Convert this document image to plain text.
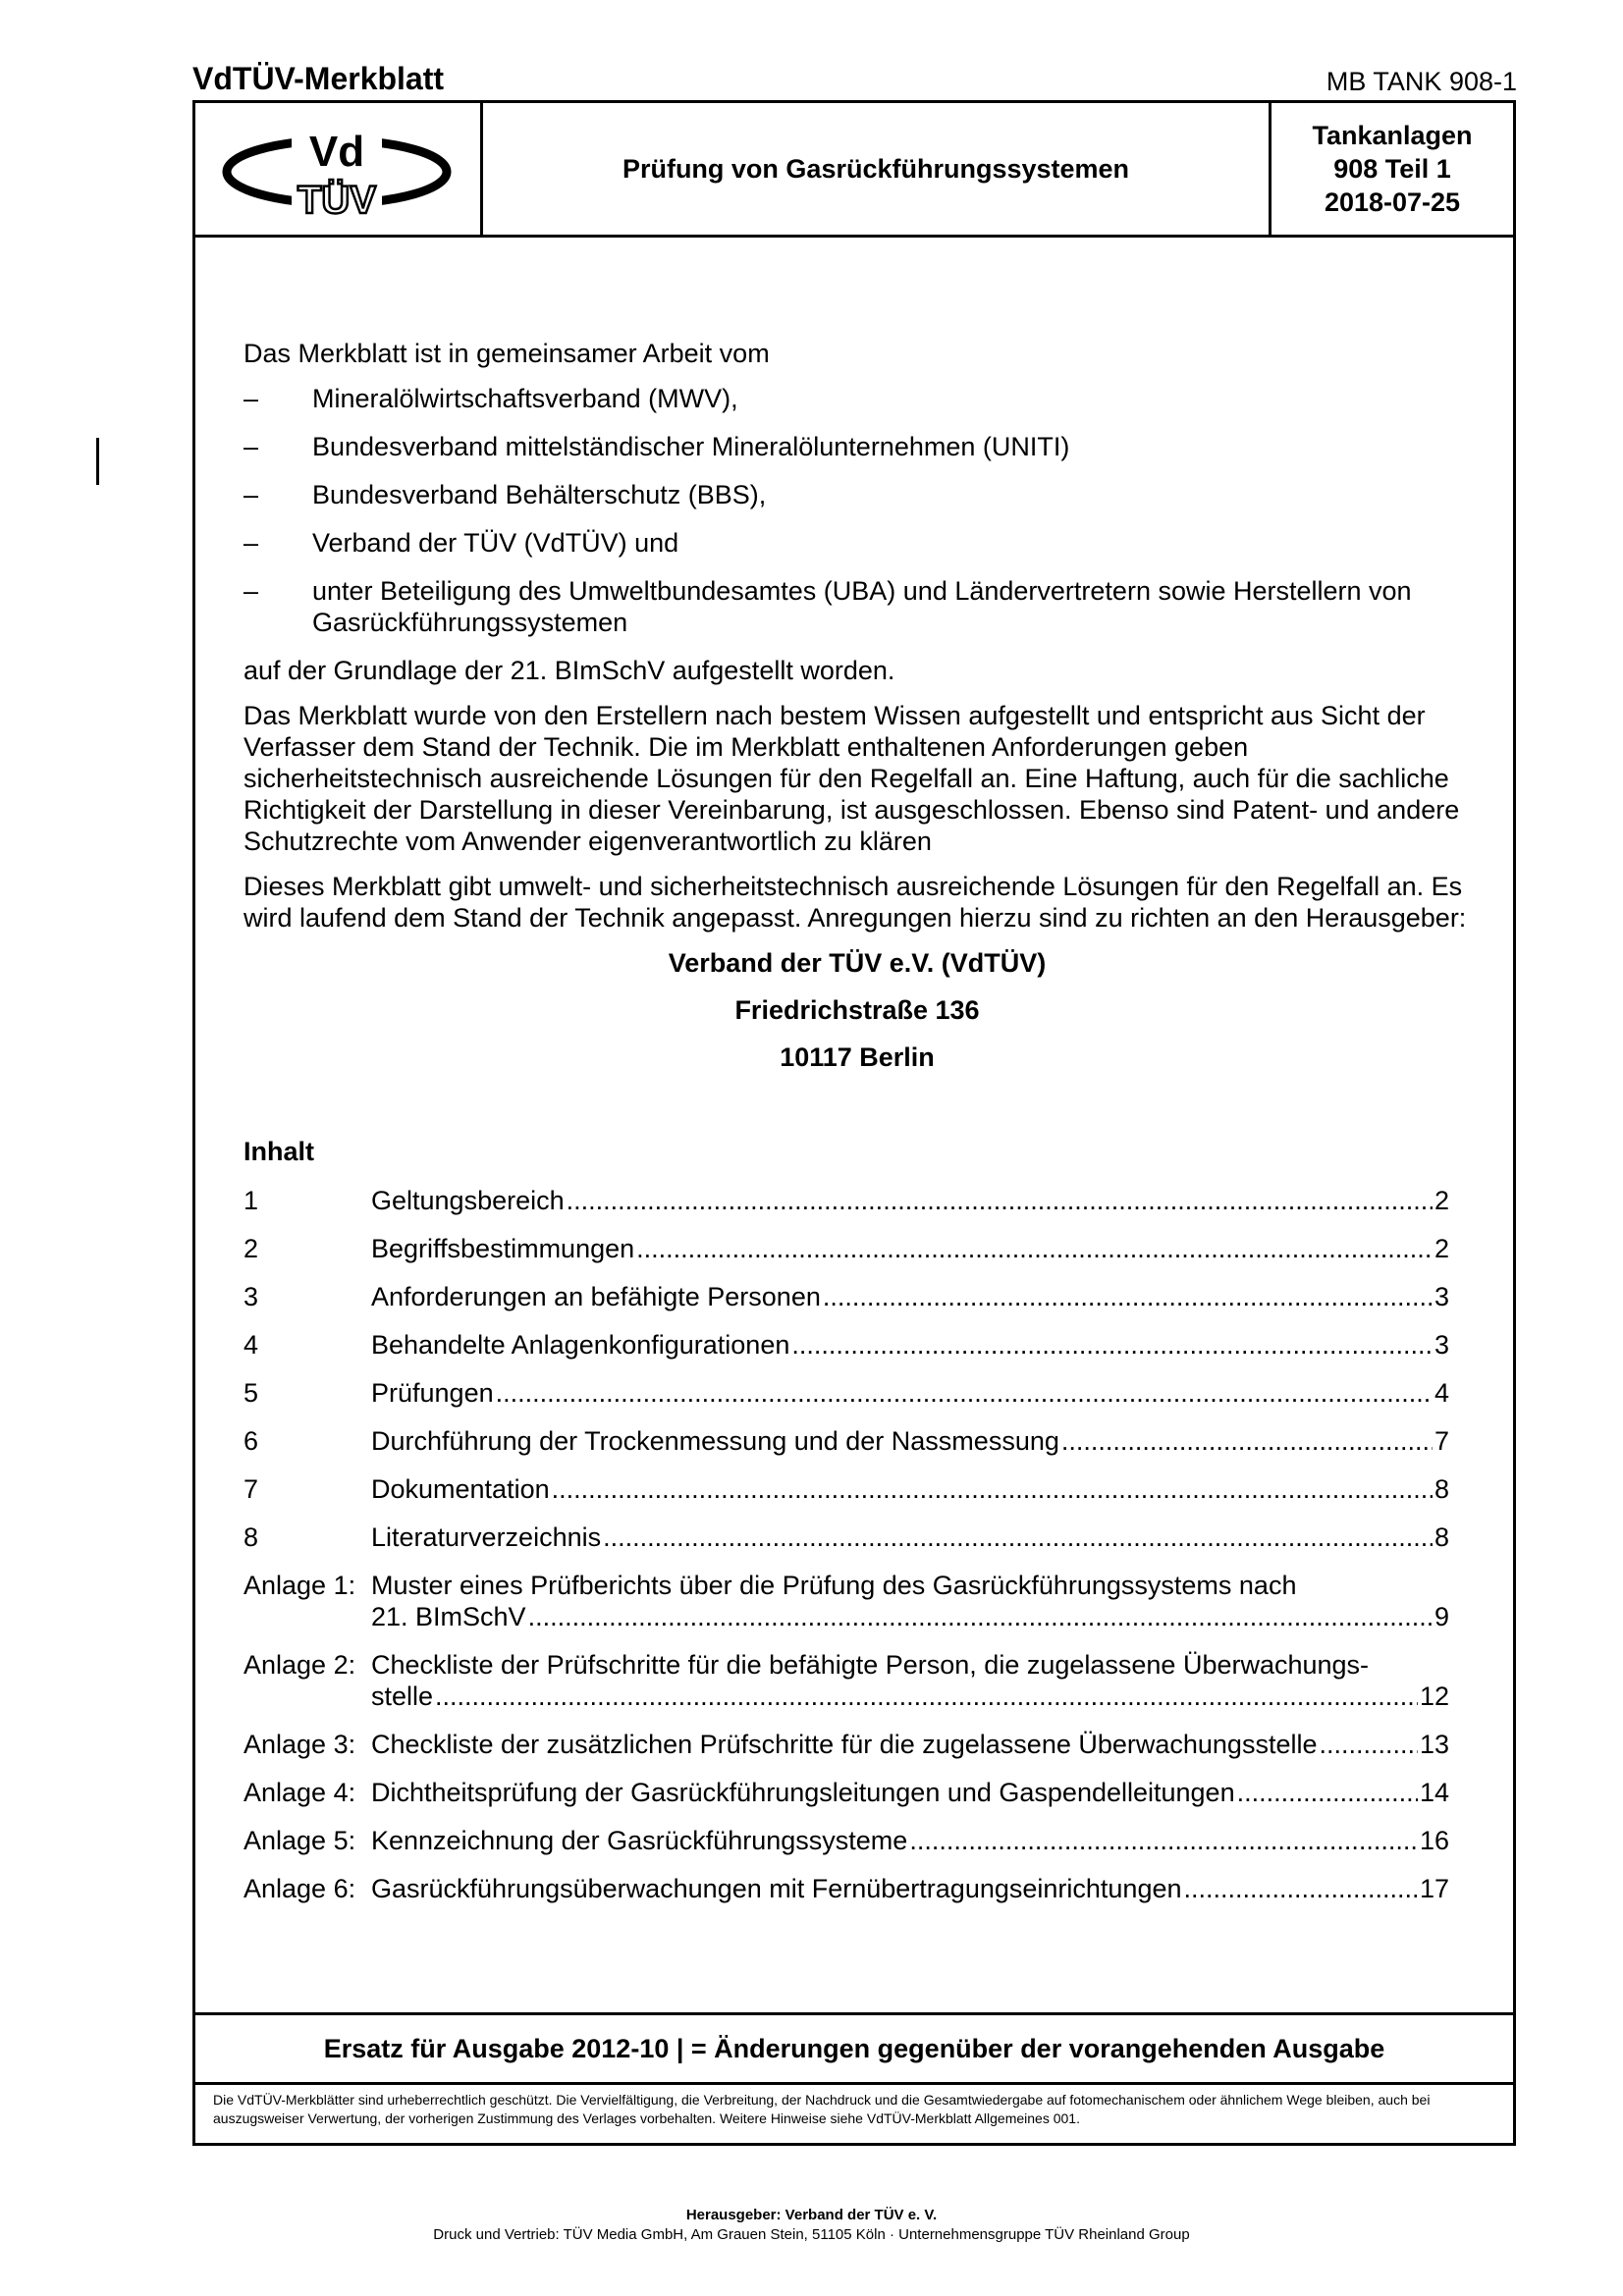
VdTÜV-Merkblatt	MB TANK 908-1
Vd
TÜV
Prüfung von Gasrückführungssystemen
Tankanlagen
908 Teil 1
2018-07-25

Das Merkblatt ist in gemeinsamer Arbeit vom

–	Mineralölwirtschaftsverband (MWV),
–	Bundesverband mittelständischer Mineralölunternehmen (UNITI)
–	Bundesverband Behälterschutz (BBS),
–	Verband der TÜV (VdTÜV) und
–	unter Beteiligung des Umweltbundesamtes (UBA) und Ländervertretern sowie Herstellern von Gasrückführungssystemen

auf der Grundlage der 21. BImSchV aufgestellt worden.

Das Merkblatt wurde von den Erstellern nach bestem Wissen aufgestellt und entspricht aus Sicht der Verfasser dem Stand der Technik. Die im Merkblatt enthaltenen Anforderungen geben sicherheitstechnisch ausreichende Lösungen für den Regelfall an. Eine Haftung, auch für die sachliche Richtigkeit der Darstellung in dieser Vereinbarung, ist ausgeschlossen. Ebenso sind Patent- und andere Schutzrechte vom Anwender eigenverantwortlich zu klären

Dieses Merkblatt gibt umwelt- und sicherheitstechnisch ausreichende Lösungen für den Regelfall an. Es wird laufend dem Stand der Technik angepasst. Anregungen hierzu sind zu richten an den Herausgeber:

Verband der TÜV e.V. (VdTÜV)

Friedrichstraße 136

10117 Berlin

Inhalt

1	Geltungsbereich .....	2
2	Begriffsbestimmungen .....	2
3	Anforderungen an befähigte Personen .....	3
4	Behandelte Anlagenkonfigurationen .....	3
5	Prüfungen .....	4
6	Durchführung der Trockenmessung und der Nassmessung .....	7
7	Dokumentation .....	8
8	Literaturverzeichnis .....	8
Anlage 1: Muster eines Prüfberichts über die Prüfung des Gasrückführungssystems nach
21. BImSchV .....	9
Anlage 2: Checkliste der Prüfschritte für die befähigte Person, die zugelassene Überwachungs-
stelle .....	12
Anlage 3: Checkliste der zusätzlichen Prüfschritte für die zugelassene Überwachungsstelle .....	13
Anlage 4: Dichtheitsprüfung der Gasrückführungsleitungen und Gaspendelleitungen .....	14
Anlage 5: Kennzeichnung der Gasrückführungssysteme .....	16
Anlage 6: Gasrückführungsüberwachungen mit Fernübertragungseinrichtungen .....	17
Ersatz für Ausgabe 2012-10 | = Änderungen gegenüber der vorangehenden Ausgabe
Die VdTÜV-Merkblätter sind urheberrechtlich geschützt. Die Vervielfältigung, die Verbreitung, der Nachdruck und die Gesamtwiedergabe auf fotomechanischem oder ähnlichem Wege bleiben, auch bei auszugsweiser Verwertung, der vorherigen Zustimmung des Verlages vorbehalten. Weitere Hinweise siehe VdTÜV-Merkblatt Allgemeines 001.
Herausgeber: Verband der TÜV e. V.
Druck und Vertrieb: TÜV Media GmbH, Am Grauen Stein, 51105 Köln · Unternehmensgruppe TÜV Rheinland Group
